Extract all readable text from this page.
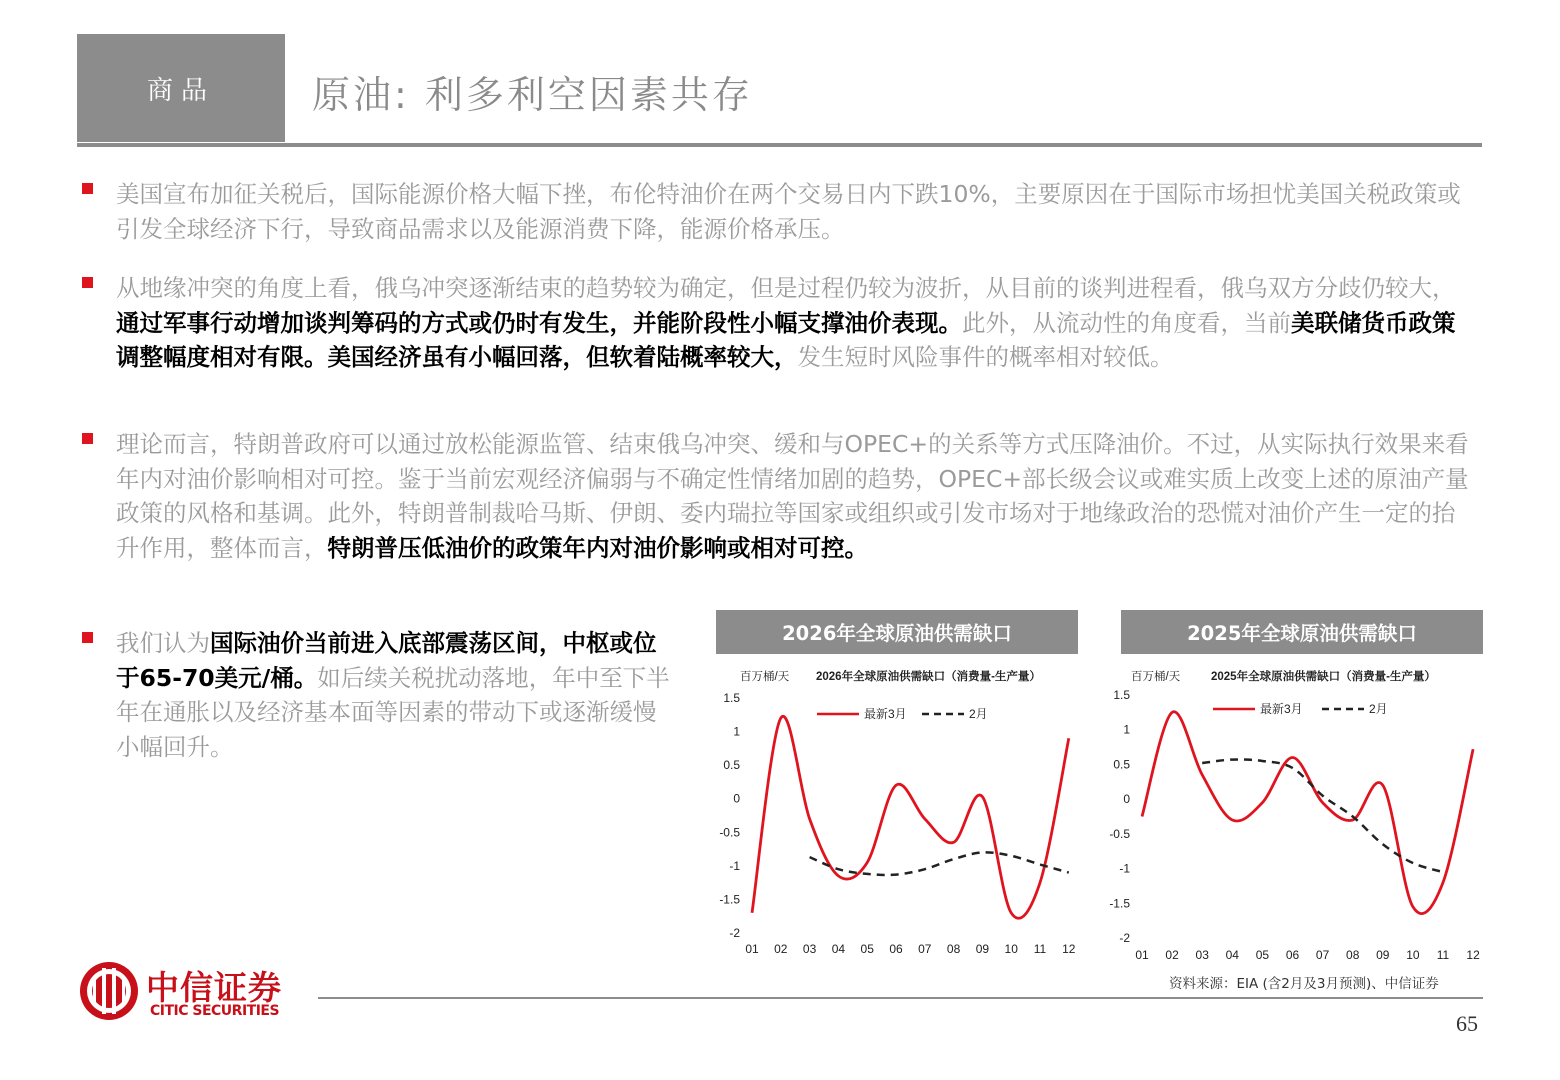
商品	原油: 利多利空因素共存
美国宣布加征关税后，国际能源价格大幅下挫，布伦特油价在两个交易日内下跌10%，主要原因在于国际市场担忧美国关税政策或引发全球经济下行，导致商品需求以及能源消费下降，能源价格承压。
从地缘冲突的角度上看，俄乌冲突逐渐结束的趋势较为确定，但是过程仍较为波折，从目前的谈判进程看，俄乌双方分歧仍较大，通过军事行动增加谈判筹码的方式或仍时有发生，并能阶段性小幅支撑油价表现。此外，从流动性的角度看，当前美联储货币政策调整幅度相对有限。美国经济虽有小幅回落，但软着陆概率较大，发生短时风险事件的概率相对较低。
理论而言，特朗普政府可以通过放松能源监管、结束俄乌冲突、缓和与OPEC+的关系等方式压降油价。不过，从实际执行效果来看年内对油价影响相对可控。鉴于当前宏观经济偏弱与不确定性情绪加剧的趋势，OPEC+部长级会议或难实质上改变上述的原油产量政策的风格和基调。此外，特朗普制裁哈马斯、伊朗、委内瑞拉等国家或组织或引发市场对于地缘政治的恐慌对油价产生一定的抬升作用，整体而言，特朗普压低油价的政策年内对油价影响或相对可控。
我们认为国际油价当前进入底部震荡区间，中枢或位于65-70美元/桶。如后续关税扰动落地，年中至下半年在通胀以及经济基本面等因素的带动下或逐渐缓慢小幅回升。
2026年全球原油供需缺口
百万桶/天 2026年全球原油供需缺口（消费量-生产量）
1.5
1
0.5
0
-0.5
-1
-1.5
-2
01 02 03 04 05 06 07 08 09 10 11 12
最新3月	2月
2025年全球原油供需缺口
百万桶/天	2025年全球原油供需缺口（消费量-生产量）
1.5
1
0.5
0
-0.5
-1
-1.5
-2
01 02 03 04 05 06 07 08 09 10 11 12
最新3月	2月
中信证券
CITIC SECURITIES
资料来源：EIA (含2月及3月预测)、中信证券
65
